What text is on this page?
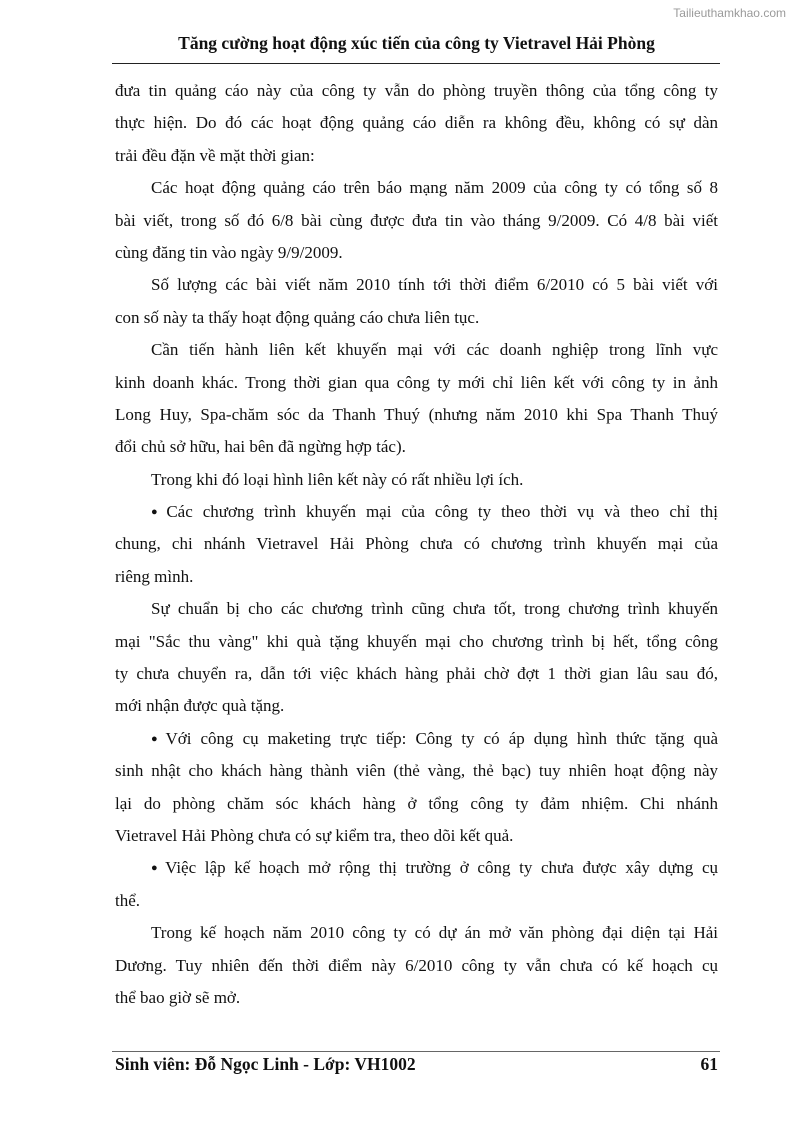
Tailieuthamkhao.com
Tăng cường hoạt động xúc tiến của công ty Vietravel Hải Phòng
đưa tin quảng cáo này của công ty vẫn do phòng truyền thông của tổng công ty
thực hiện. Do đó các hoạt động quảng cáo diễn ra không đều, không có sự dàn
trải đều đặn về mặt thời gian:
Các hoạt động quảng cáo trên báo mạng năm 2009 của công ty có tổng số 8
bài viết, trong số đó 6/8 bài cùng được đưa tin vào tháng 9/2009. Có 4/8 bài viết
cùng đăng tin vào ngày 9/9/2009.
Số lượng các bài viết năm 2010 tính tới thời điểm 6/2010 có 5 bài viết với
con số này ta thấy hoạt động quảng cáo chưa liên tục.
Cần tiến hành liên kết khuyến mại với các doanh nghiệp trong lĩnh vực
kinh doanh khác. Trong thời gian qua công ty mới chỉ liên kết với công ty in ảnh
Long Huy, Spa-chăm sóc da Thanh Thuý (nhưng năm 2010 khi Spa Thanh Thuý
đổi chủ sở hữu, hai bên đã ngừng hợp tác).
Trong khi đó loại hình liên kết này có rất nhiều lợi ích.
● Các chương trình khuyến mại của công ty theo thời vụ và theo chỉ thị
chung, chi nhánh Vietravel Hải Phòng chưa có chương trình khuyến mại của
riêng mình.
Sự chuẩn bị cho các chương trình cũng chưa tốt, trong chương trình khuyến
mại "Sắc thu vàng" khi quà tặng khuyến mại cho chương trình bị hết, tổng công
ty chưa chuyển ra, dẫn tới việc khách hàng phải chờ đợt 1 thời gian lâu sau đó,
mới nhận được quà tặng.
● Với công cụ maketing trực tiếp: Công ty có áp dụng hình thức tặng quà
sinh nhật cho khách hàng thành viên (thẻ vàng, thẻ bạc) tuy nhiên hoạt động này
lại do phòng chăm sóc khách hàng ở tổng công ty đảm nhiệm. Chi nhánh
Vietravel Hải Phòng chưa có sự kiểm tra, theo dõi kết quả.
● Việc lập kế hoạch mở rộng thị trường ở công ty chưa được xây dựng cụ
thể.
Trong kế hoạch năm 2010 công ty có dự án mở văn phòng đại diện tại Hải
Dương. Tuy nhiên đến thời điểm này 6/2010 công ty vẫn chưa có kế hoạch cụ
thể bao giờ sẽ mở.
Sinh viên: Đỗ Ngọc Linh - Lớp: VH1002	61
